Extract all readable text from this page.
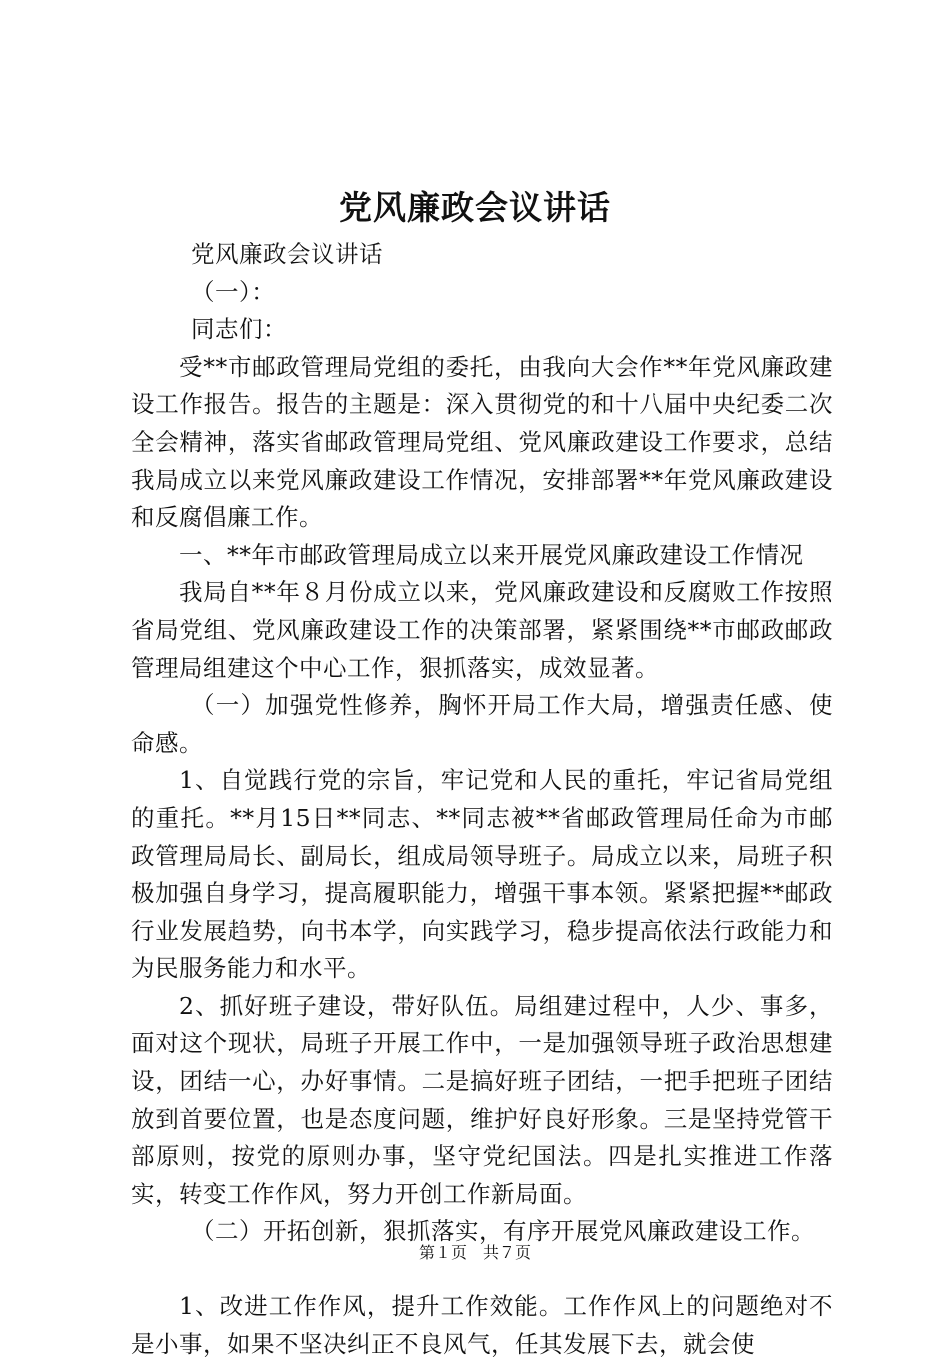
党风廉政会议讲话

党风廉政会议讲话

（一）：

同志们：

受**市邮政管理局党组的委托，由我向大会作**年党风廉政建设工作报告。报告的主题是：深入贯彻党的和十八届中央纪委二次全会精神，落实省邮政管理局党组、党风廉政建设工作要求，总结我局成立以来党风廉政建设工作情况，安排部署**年党风廉政建设和反腐倡廉工作。

一、**年市邮政管理局成立以来开展党风廉政建设工作情况

我局自**年８月份成立以来，党风廉政建设和反腐败工作按照省局党组、党风廉政建设工作的决策部署，紧紧围绕**市邮政邮政管理局组建这个中心工作，狠抓落实，成效显著。

（一）加强党性修养，胸怀开局工作大局，增强责任感、使命感。

1、自觉践行党的宗旨，牢记党和人民的重托，牢记省局党组的重托。**月15日**同志、**同志被**省邮政管理局任命为市邮政管理局局长、副局长，组成局领导班子。局成立以来，局班子积极加强自身学习，提高履职能力，增强干事本领。紧紧把握**邮政行业发展趋势，向书本学，向实践学习，稳步提高依法行政能力和为民服务能力和水平。

2、抓好班子建设，带好队伍。局组建过程中，人少、事多，面对这个现状，局班子开展工作中，一是加强领导班子政治思想建设，团结一心，办好事情。二是搞好班子团结，一把手把班子团结放到首要位置，也是态度问题，维护好良好形象。三是坚持党管干部原则，按党的原则办事，坚守党纪国法。四是扎实推进工作落实，转变工作作风，努力开创工作新局面。

（二）开拓创新，狠抓落实，有序开展党风廉政建设工作。

1、改进工作作风，提升工作效能。工作作风上的问题绝对不是小事，如果不坚决纠正不良风气，任其发展下去，就会使

第１页　共７页
